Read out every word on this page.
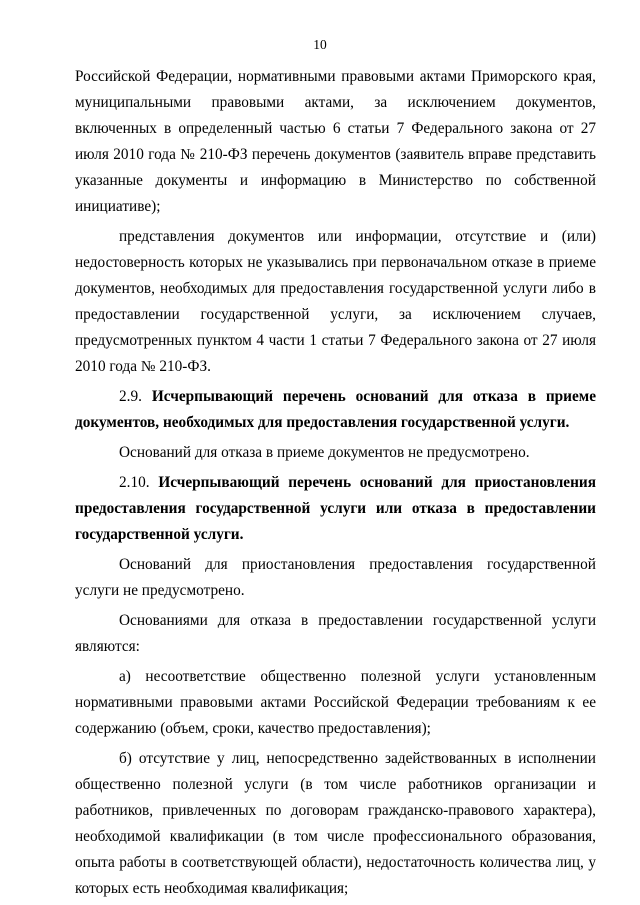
10

Российской Федерации, нормативными правовыми актами Приморского края, муниципальными правовыми актами, за исключением документов, включенных в определенный частью 6 статьи 7 Федерального закона от 27 июля 2010 года № 210-ФЗ перечень документов (заявитель вправе представить указанные документы и информацию в Министерство по собственной инициативе);

представления документов или информации, отсутствие и (или) недостоверность которых не указывались при первоначальном отказе в приеме документов, необходимых для предоставления государственной услуги либо в предоставлении государственной услуги, за исключением случаев, предусмотренных пунктом 4 части 1 статьи 7 Федерального закона от 27 июля 2010 года № 210-ФЗ.

2.9. Исчерпывающий перечень оснований для отказа в приеме документов, необходимых для предоставления государственной услуги.

Оснований для отказа в приеме документов не предусмотрено.

2.10. Исчерпывающий перечень оснований для приостановления предоставления государственной услуги или отказа в предоставлении государственной услуги.

Оснований для приостановления предоставления государственной услуги не предусмотрено.

Основаниями для отказа в предоставлении государственной услуги являются:

а) несоответствие общественно полезной услуги установленным нормативными правовыми актами Российской Федерации требованиям к ее содержанию (объем, сроки, качество предоставления);

б) отсутствие у лиц, непосредственно задействованных в исполнении общественно полезной услуги (в том числе работников организации и работников, привлеченных по договорам гражданско-правового характера), необходимой квалификации (в том числе профессионального образования, опыта работы в соответствующей области), недостаточность количества лиц, у которых есть необходимая квалификация;
